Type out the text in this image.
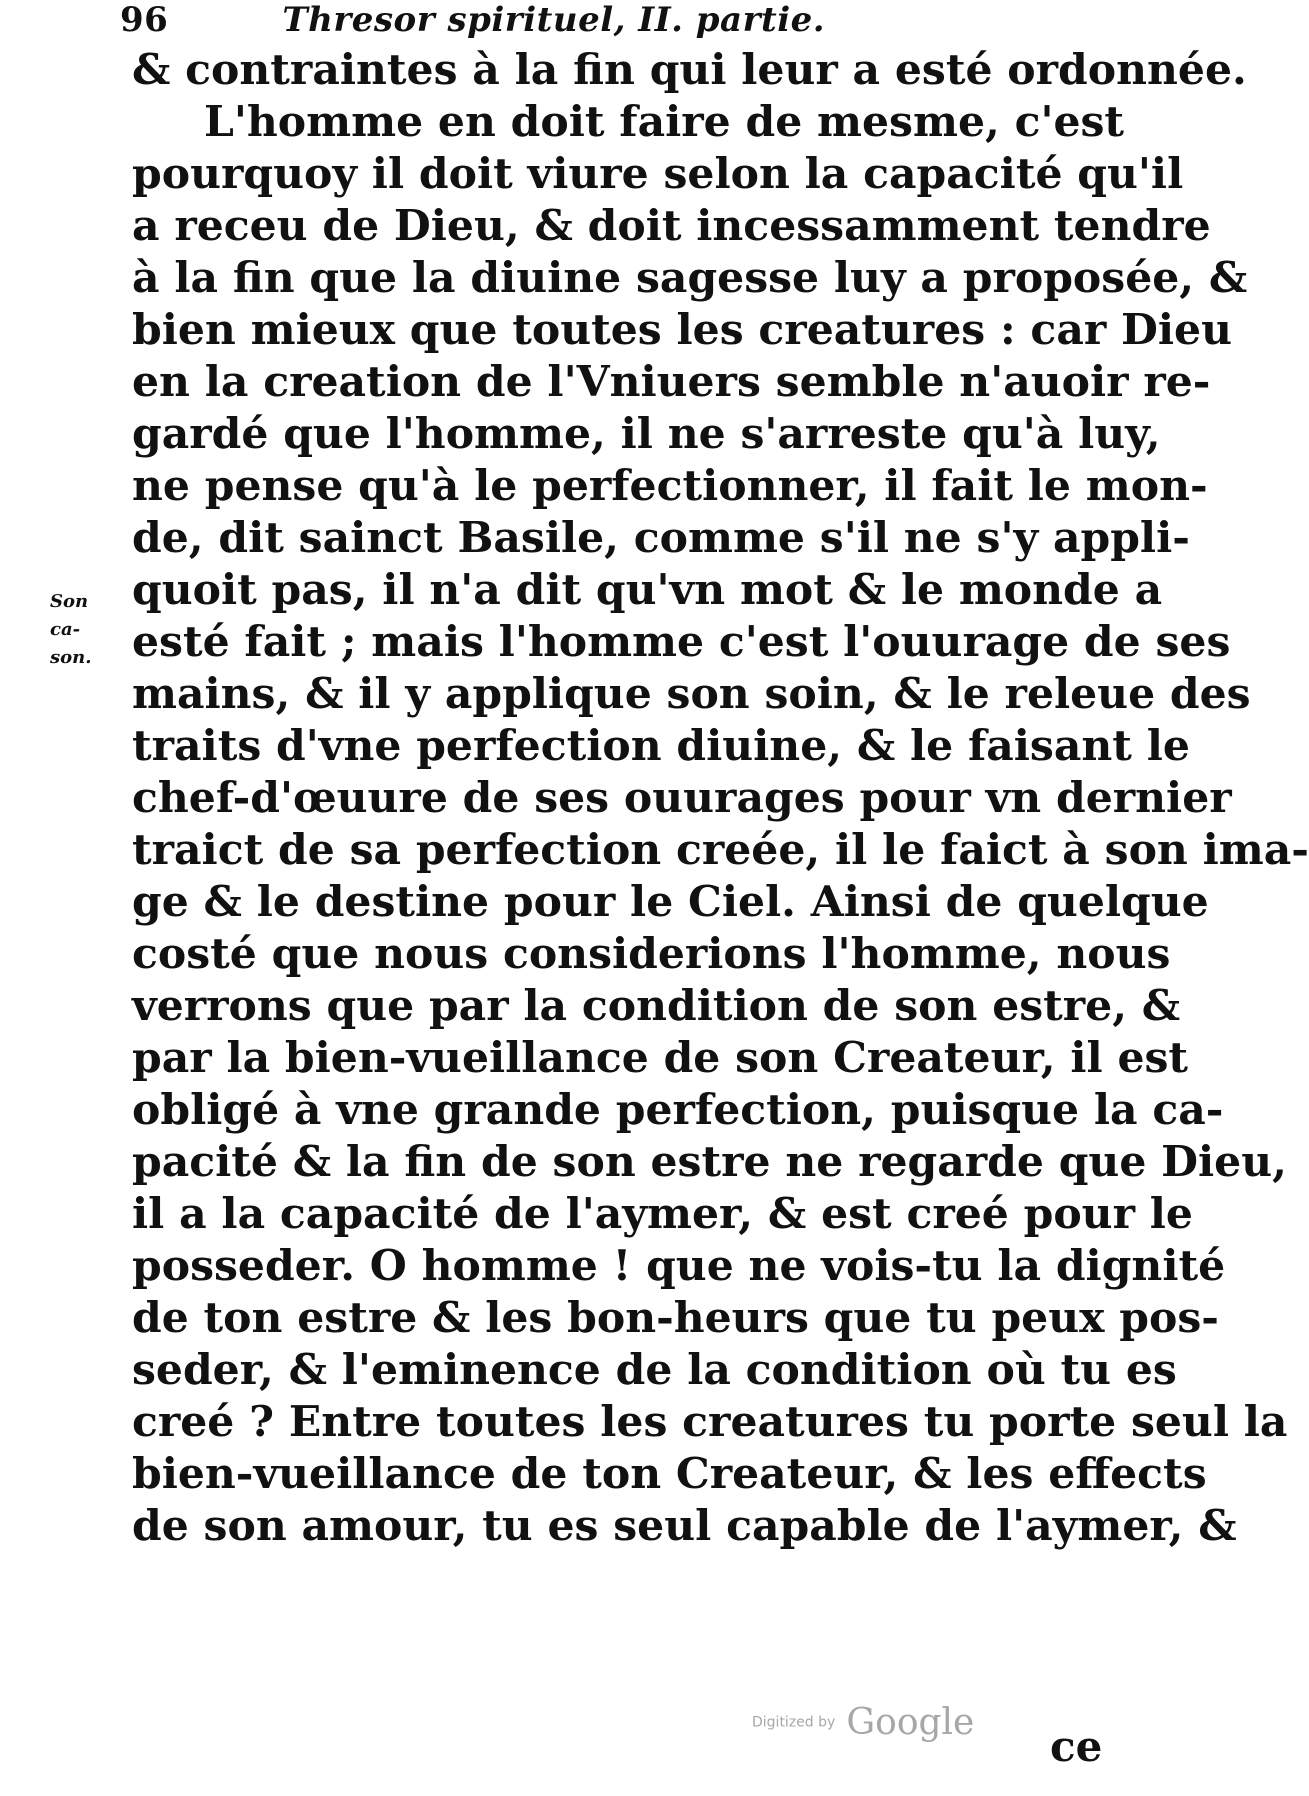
96	Thresor spirituel, II. partie.
& contraintes à la fin qui leur a esté ordonnée.
L'homme en doit faire de mesme, c'est
pourquoy il doit viure selon la capacité qu'il
a receu de Dieu, & doit incessamment tendre
à la fin que la diuine sagesse luy a proposée, &
bien mieux que toutes les creatures : car Dieu
en la creation de l'Vniuers semble n'auoir re-
gardé que l'homme, il ne s'arreste qu'à luy,
ne pense qu'à le perfectionner, il fait le mon-
de, dit sainct Basile, comme s'il ne s'y appli-
quoit pas, il n'a dit qu'vn mot & le monde a
esté fait ; mais l'homme c'est l'ouurage de ses
mains, & il y applique son soin, & le releue des
traits d'vne perfection diuine, & le faisant le
chef-d'œuure de ses ouurages pour vn dernier
traict de sa perfection creée, il le faict à son ima-
ge & le destine pour le Ciel. Ainsi de quelque
costé que nous considerions l'homme, nous
verrons que par la condition de son estre, &
par la bien-vueillance de son Createur, il est
obligé à vne grande perfection, puisque la ca-
pacité & la fin de son estre ne regarde que Dieu,
il a la capacité de l'aymer, & est creé pour le
posseder. O homme ! que ne vois-tu la dignité
de ton estre & les bon-heurs que tu peux pos-
seder, & l'eminence de la condition où tu es
creé ? Entre toutes les creatures tu porte seul la
bien-vueillance de ton Createur, & les effects
de son amour, tu es seul capable de l'aymer, &
Son
ca-
son.
Digitized by Google ce
